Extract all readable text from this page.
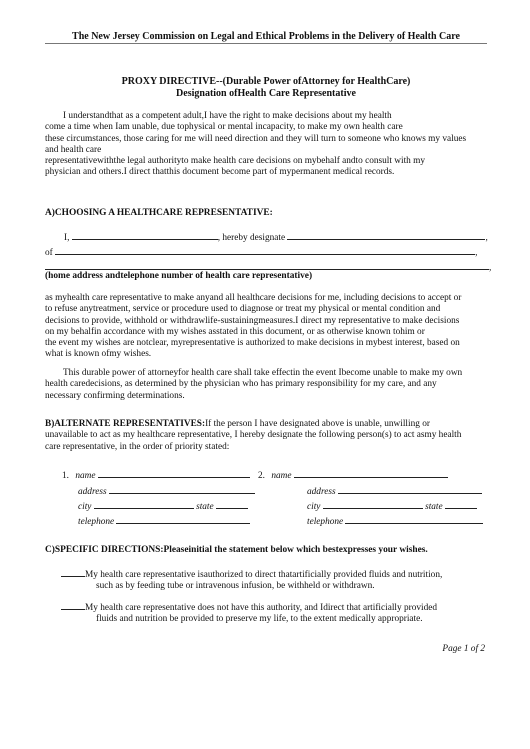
The New Jersey Commission on Legal and Ethical Problems in the Delivery of Health Care
PROXY DIRECTIVE--(Durable Power ofAttorney for HealthCare)
Designation ofHealth Care Representative
I understandthat as a competent adult,I have the right to make decisions about my health
come a time when Iam unable, due tophysical or mental incapacity, to make my own health care
these circumstances, those caring for me will need direction and they will turn to someone who knows my values
and health care
representativewiththe legal authorityto make health care decisions on mybehalf andto consult with my
physician and others.I direct thatthis document become part of mypermanent medical records.
A)CHOOSING A HEALTHCARE REPRESENTATIVE:
I,	, hereby designate	,
of	,
,
(home address andtelephone number of health care representative)
as myhealth care representative to make anyand all healthcare decisions for me, including decisions to accept or
to refuse anytreatment, service or procedure used to diagnose or treat my physical or mental condition and
decisions to provide, withhold or withdrawlife-sustainingmeasures.I direct my representative to make decisions
on my behalfin accordance with my wishes asstated in this document, or as otherwise known tohim or
the event my wishes are notclear, myrepresentative is authorized to make decisions in mybest interest, based on
what is known ofmy wishes.
This durable power of attorneyfor health care shall take effectin the event Ibecome unable to make my own
health caredecisions, as determined by the physician who has primary responsibility for my care, and any
necessary confirming determinations.
B)ALTERNATE REPRESENTATIVES:If the person I have designated above is unable, unwilling or
unavailable to act as my healthcare representative, I hereby designate the following person(s) to act asmy health
care representative, in the order of priority stated:
1. name	2. name
address	address
city	state	city	state
telephone	telephone
C)SPECIFIC DIRECTIONS:Pleaseinitial the statement below which bestexpresses your wishes.
My health care representative isauthorized to direct thatartificially provided fluids and nutrition,
such as by feeding tube or intravenous infusion, be withheld or withdrawn.
My health care representative does not have this authority, and Idirect that artificially provided
fluids and nutrition be provided to preserve my life, to the extent medically appropriate.
Page 1 of 2
